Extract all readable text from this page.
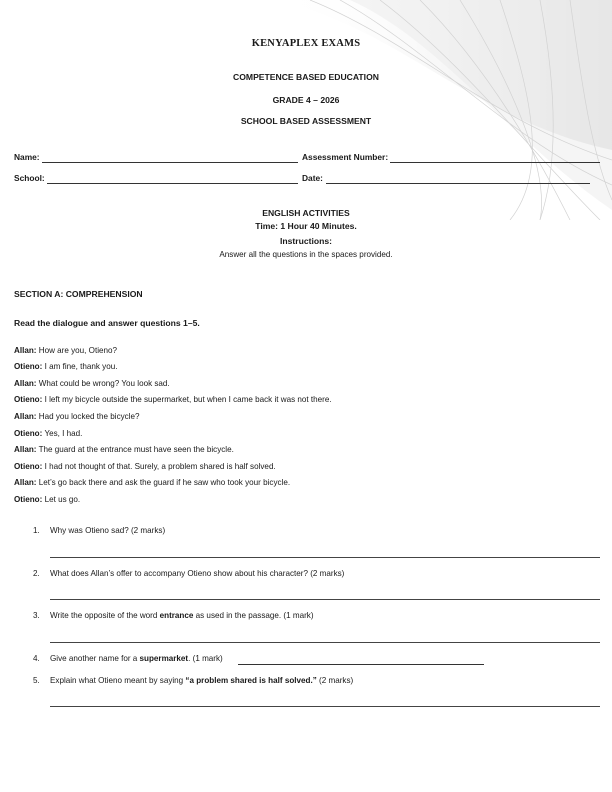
KENYAPLEX EXAMS
COMPETENCE BASED EDUCATION
GRADE 4 – 2026
SCHOOL BASED ASSESSMENT
Name:	Assessment Number:
School:	Date:
ENGLISH ACTIVITIES
Time: 1 Hour 40 Minutes.
Instructions:
Answer all the questions in the spaces provided.
SECTION A: COMPREHENSION
Read the dialogue and answer questions 1–5.
Allan: How are you, Otieno?
Otieno: I am fine, thank you.
Allan: What could be wrong? You look sad.
Otieno: I left my bicycle outside the supermarket, but when I came back it was not there.
Allan: Had you locked the bicycle?
Otieno: Yes, I had.
Allan: The guard at the entrance must have seen the bicycle.
Otieno: I had not thought of that. Surely, a problem shared is half solved.
Allan: Let’s go back there and ask the guard if he saw who took your bicycle.
Otieno: Let us go.
1. Why was Otieno sad? (2 marks)
2. What does Allan’s offer to accompany Otieno show about his character? (2 marks)
3. Write the opposite of the word entrance as used in the passage. (1 mark)
4. Give another name for a supermarket. (1 mark)
5. Explain what Otieno meant by saying “a problem shared is half solved.” (2 marks)
